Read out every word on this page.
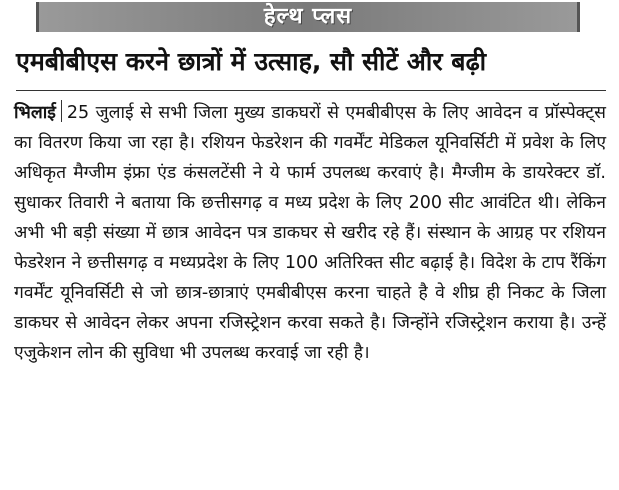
हेल्थ प्लस
एमबीबीएस करने छात्रों में उत्साह, सौ सीटें और बढ़ी
भिलाई 25 जुलाई से सभी जिला मुख्य डाकघरों से एमबीबीएस के लिए आवेदन व प्रॉस्पेक्ट्स का वितरण किया जा रहा है। रशियन फेडरेशन की गवर्मेंट मेडिकल यूनिवर्सिटी में प्रवेश के लिए अधिकृत मैग्जीम इंफ्रा एंड कंसलटेंसी ने ये फार्म उपलब्ध करवाएं है। मैग्जीम के डायरेक्टर डॉ. सुधाकर तिवारी ने बताया कि छत्तीसगढ़ व मध्य प्रदेश के लिए 200 सीट आवंटित थी। लेकिन अभी भी बड़ी संख्या में छात्र आवेदन पत्र डाकघर से खरीद रहे हैं। संस्थान के आग्रह पर रशियन फेडरेशन ने छत्तीसगढ़ व मध्यप्रदेश के लिए 100 अतिरिक्त सीट बढ़ाई है। विदेश के टाप रैंकिंग गवर्मेंट यूनिवर्सिटी से जो छात्र-छात्राएं एमबीबीएस करना चाहते है वे शीघ्र ही निकट के जिला डाकघर से आवेदन लेकर अपना रजिस्ट्रेशन करवा सकते है। जिन्होंने रजिस्ट्रेशन कराया है। उन्हें एजुकेशन लोन की सुविधा भी उपलब्ध करवाई जा रही है।
